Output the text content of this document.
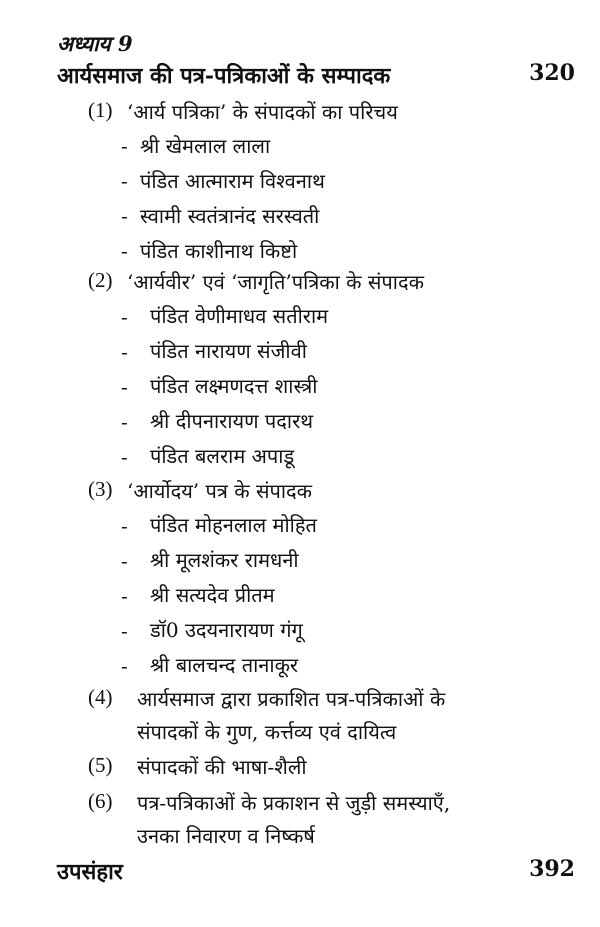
अध्याय 9
आर्यसमाज की पत्र-पत्रिकाओं के सम्पादक	320
(1) ‘आर्य पत्रिका’ के संपादकों का परिचय
- श्री खेमलाल लाला
- पंडित आत्माराम विश्वनाथ
- स्वामी स्वतंत्रानंद सरस्वती
- पंडित काशीनाथ किष्टो
(2) ‘आर्यवीर’ एवं ‘जागृति’पत्रिका के संपादक
- पंडित वेणीमाधव सतीराम
- पंडित नारायण संजीवी
- पंडित लक्ष्मणदत्त शास्त्री
- श्री दीपनारायण पदारथ
- पंडित बलराम अपाडू
(3) ‘आर्योदय’ पत्र के संपादक
- पंडित मोहनलाल मोहित
- श्री मूलशंकर रामधनी
- श्री सत्यदेव प्रीतम
- डॉ0 उदयनारायण गंगू
- श्री बालचन्द तानाकूर
(4) आर्यसमाज द्वारा प्रकाशित पत्र-पत्रिकाओं के
संपादकों के गुण, कर्त्तव्य एवं दायित्व
(5) संपादकों की भाषा-शैली
(6) पत्र-पत्रिकाओं के प्रकाशन से जुड़ी समस्याएँ,
उनका निवारण व निष्कर्ष
उपसंहार	392
